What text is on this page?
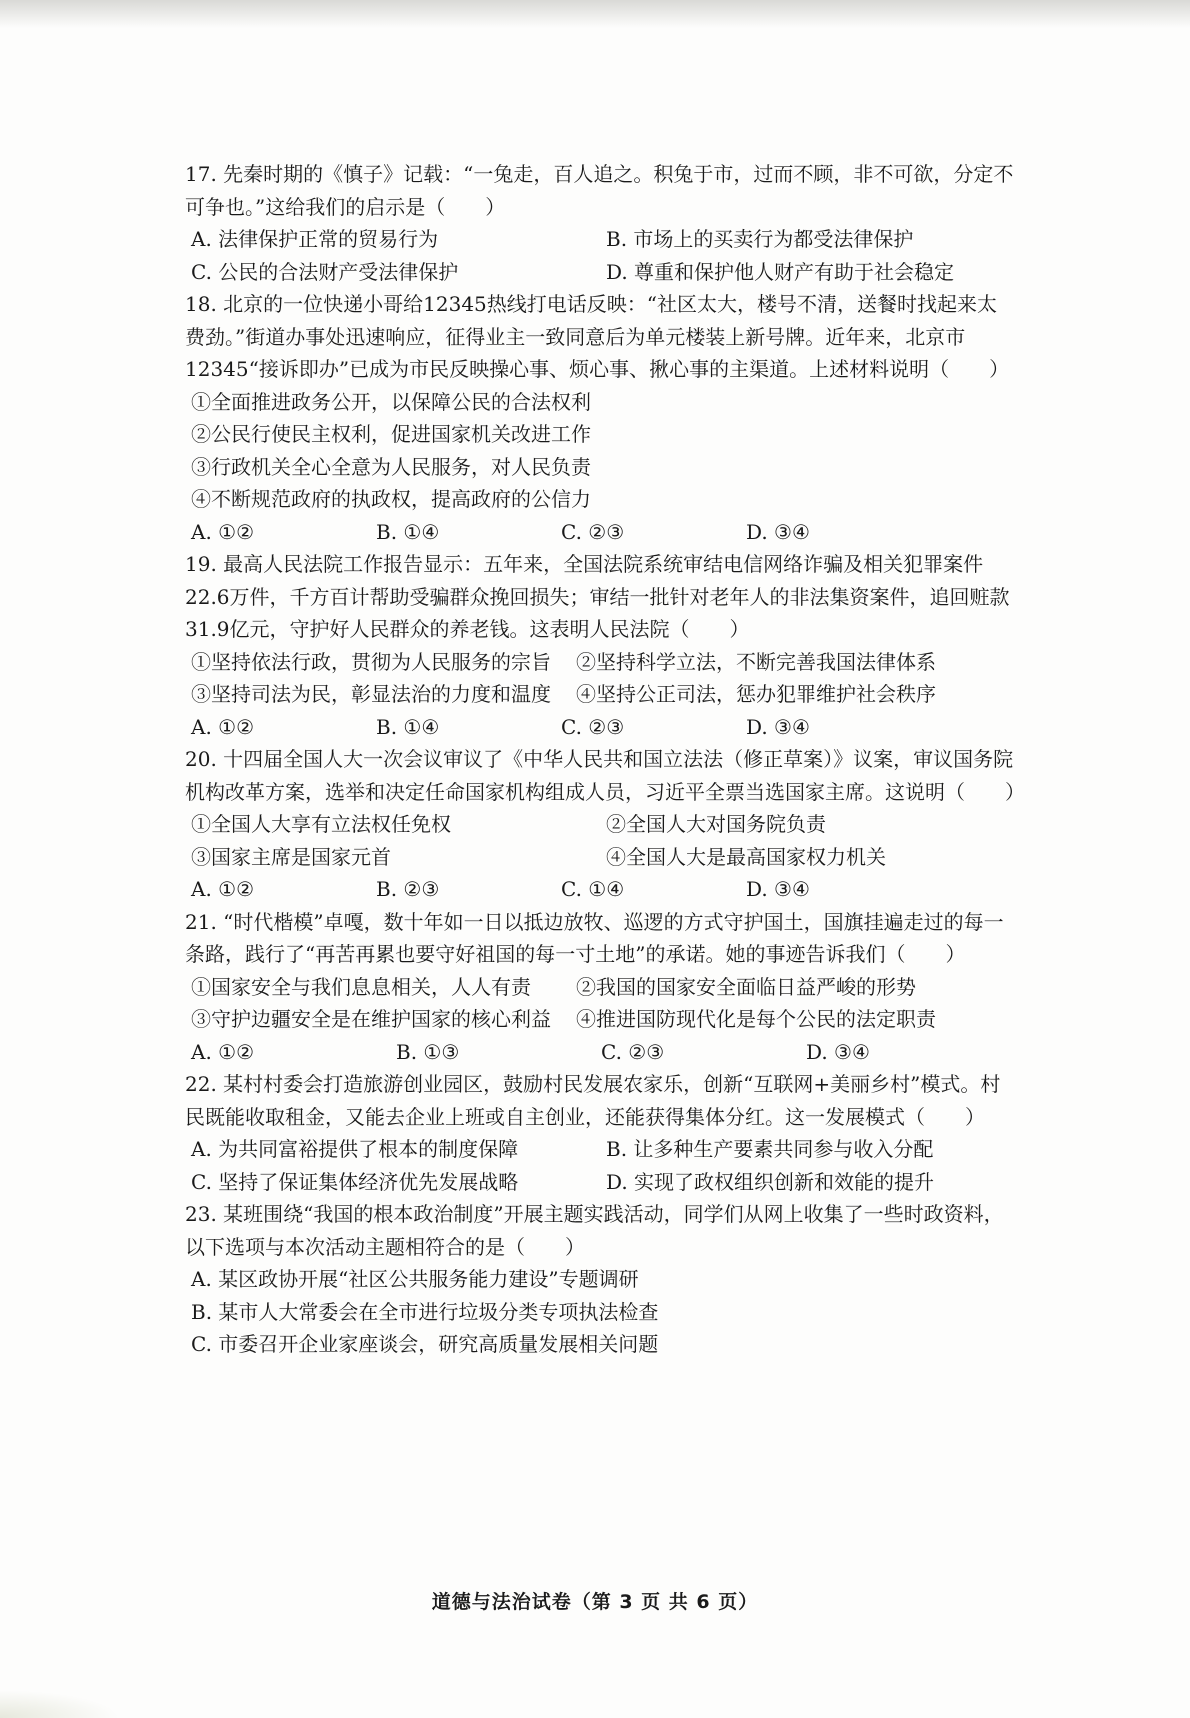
17. 先秦时期的《慎子》记载：“一兔走，百人追之。积兔于市，过而不顾，非不可欲，分定不可争也。”这给我们的启示是（　　）

A. 法律保护正常的贸易行为	B. 市场上的买卖行为都受法律保护
C. 公民的合法财产受法律保护	D. 尊重和保护他人财产有助于社会稳定

18. 北京的一位快递小哥给12345热线打电话反映：“社区太大，楼号不清，送餐时找起来太费劲。”街道办事处迅速响应，征得业主一致同意后为单元楼装上新号牌。近年来，北京市12345“接诉即办”已成为市民反映操心事、烦心事、揪心事的主渠道。上述材料说明（　　）

①全面推进政务公开，以保障公民的合法权利
②公民行使民主权利，促进国家机关改进工作
③行政机关全心全意为人民服务，对人民负责
④不断规范政府的执政权，提高政府的公信力
A. ①②	B. ①④	C. ②③	D. ③④

19. 最高人民法院工作报告显示：五年来，全国法院系统审结电信网络诈骗及相关犯罪案件22.6万件，千方百计帮助受骗群众挽回损失；审结一批针对老年人的非法集资案件，追回赃款31.9亿元，守护好人民群众的养老钱。这表明人民法院（　　）

①坚持依法行政，贯彻为人民服务的宗旨	②坚持科学立法，不断完善我国法律体系
③坚持司法为民，彰显法治的力度和温度	④坚持公正司法，惩办犯罪维护社会秩序
A. ①②	B. ①④	C. ②③	D. ③④

20. 十四届全国人大一次会议审议了《中华人民共和国立法法（修正草案）》议案，审议国务院机构改革方案，选举和决定任命国家机构组成人员，习近平全票当选国家主席。这说明（　　）

①全国人大享有立法权任免权	②全国人大对国务院负责
③国家主席是国家元首	④全国人大是最高国家权力机关
A. ①②	B. ②③	C. ①④	D. ③④

21. “时代楷模”卓嘎，数十年如一日以抵边放牧、巡逻的方式守护国土，国旗挂遍走过的每一条路，践行了“再苦再累也要守好祖国的每一寸土地”的承诺。她的事迹告诉我们（　　）

①国家安全与我们息息相关，人人有责	②我国的国家安全面临日益严峻的形势
③守护边疆安全是在维护国家的核心利益	④推进国防现代化是每个公民的法定职责
A. ①②	B. ①③	C. ②③	D. ③④

22. 某村村委会打造旅游创业园区，鼓励村民发展农家乐，创新“互联网+美丽乡村”模式。村民既能收取租金，又能去企业上班或自主创业，还能获得集体分红。这一发展模式（　　）

A. 为共同富裕提供了根本的制度保障	B. 让多种生产要素共同参与收入分配
C. 坚持了保证集体经济优先发展战略	D. 实现了政权组织创新和效能的提升

23. 某班围绕“我国的根本政治制度”开展主题实践活动，同学们从网上收集了一些时政资料，以下选项与本次活动主题相符合的是（　　）

A. 某区政协开展“社区公共服务能力建设”专题调研
B. 某市人大常委会在全市进行垃圾分类专项执法检查
C. 市委召开企业家座谈会，研究高质量发展相关问题
道德与法治试卷（第 3 页 共 6 页）
